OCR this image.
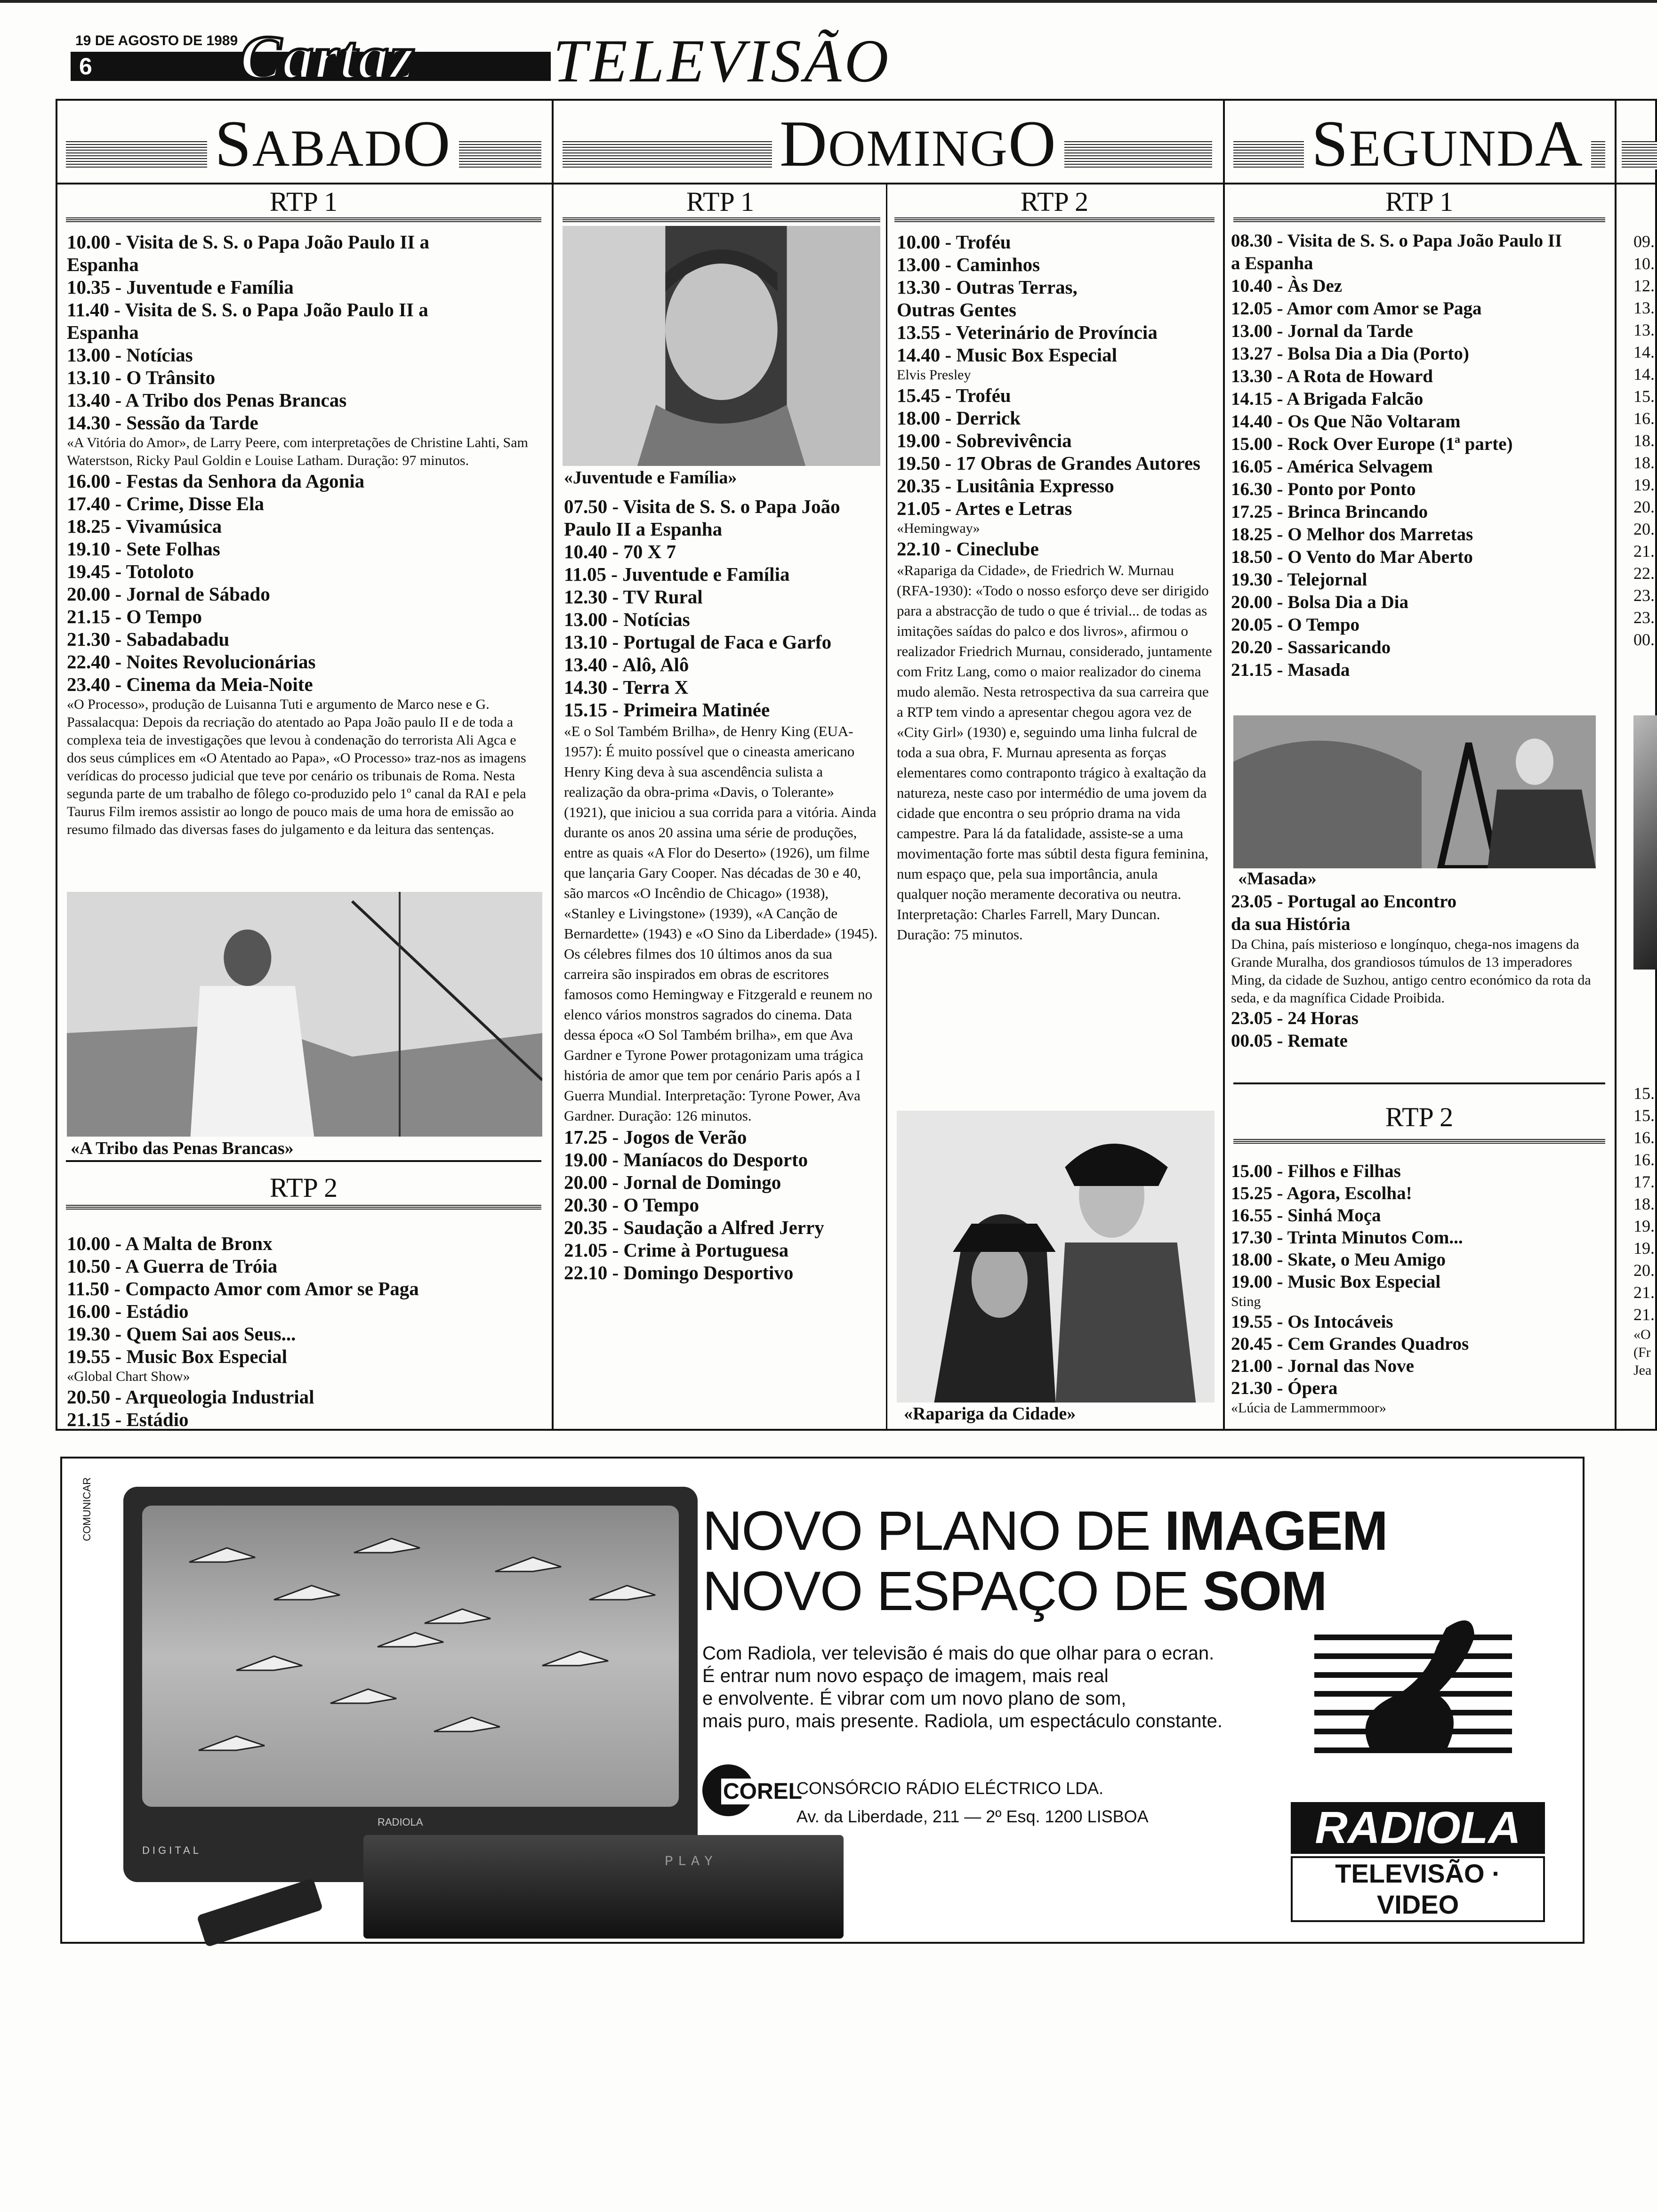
19 DE AGOSTO DE 1989
6	Cartaz TELEVISÃO
SABADO	DOMINGO	SEGUNDA
RTP 1
10.00 - Visita de S. S. o Papa João Paulo II a
Espanha
10.35 - Juventude e Família
11.40 - Visita de S. S. o Papa João Paulo II a
Espanha
13.00 - Notícias
13.10 - O Trânsito
13.40 - A Tribo dos Penas Brancas
14.30 - Sessão da Tarde
«A Vitória do Amor», de Larry Peere, com interpretações de Christine Lahti, Sam Waterstson, Ricky Paul Goldin e Louise Latham. Duração: 97 minutos.
16.00 - Festas da Senhora da Agonia
17.40 - Crime, Disse Ela
18.25 - Vivamúsica
19.10 - Sete Folhas
19.45 - Totoloto
20.00 - Jornal de Sábado
21.15 - O Tempo
21.30 - Sabadabadu
22.40 - Noites Revolucionárias
23.40 - Cinema da Meia-Noite
«O Processo», produção de Luisanna Tuti e argumento de Marco nese e G. Passalacqua: Depois da recriação do atentado ao Papa João paulo II e de toda a complexa teia de investigações que levou à condenação do terrorista Ali Agca e dos seus cúmplices em «O Atentado ao Papa», «O Processo» traz-nos as imagens verídicas do processo judicial que teve por cenário os tribunais de Roma. Nesta segunda parte de um trabalho de fôlego co-produzido pelo 1º canal da RAI e pela Taurus Film iremos assistir ao longo de pouco mais de uma hora de emissão ao resumo filmado das diversas fases do julgamento e da leitura das sentenças.
«A Tribo das Penas Brancas»
RTP 2
10.00 - A Malta de Bronx
10.50 - A Guerra de Tróia
11.50 - Compacto Amor com Amor se Paga
16.00 - Estádio
19.30 - Quem Sai aos Seus...
19.55 - Music Box Especial
«Global Chart Show»
20.50 - Arqueologia Industrial
21.15 - Estádio
RTP 1
«Juventude e Família»
07.50 - Visita de S. S. o Papa João
Paulo II a Espanha
10.40 - 70 X 7
11.05 - Juventude e Família
12.30 - TV Rural
13.00 - Notícias
13.10 - Portugal de Faca e Garfo
13.40 - Alô, Alô
14.30 - Terra X
15.15 - Primeira Matinée
«E o Sol Também Brilha», de Henry King (EUA-1957): É muito possível que o cineasta americano Henry King deva à sua ascendência sulista a realização da obra-prima «Davis, o Tolerante» (1921), que iniciou a sua corrida para a vitória. Ainda durante os anos 20 assina uma série de produções, entre as quais «A Flor do Deserto» (1926), um filme que lançaria Gary Cooper. Nas décadas de 30 e 40, são marcos «O Incêndio de Chicago» (1938), «Stanley e Livingstone» (1939), «A Canção de Bernardette» (1943) e «O Sino da Liberdade» (1945). Os célebres filmes dos 10 últimos anos da sua carreira são inspirados em obras de escritores famosos como Hemingway e Fitzgerald e reunem no elenco vários monstros sagrados do cinema. Data dessa época «O Sol Também brilha», em que Ava Gardner e Tyrone Power protagonizam uma trágica história de amor que tem por cenário Paris após a I Guerra Mundial. Interpretação: Tyrone Power, Ava Gardner. Duração: 126 minutos.
17.25 - Jogos de Verão
19.00 - Maníacos do Desporto
20.00 - Jornal de Domingo
20.30 - O Tempo
20.35 - Saudação a Alfred Jerry
21.05 - Crime à Portuguesa
22.10 - Domingo Desportivo
RTP 2
10.00 - Troféu
13.00 - Caminhos
13.30 - Outras Terras,
Outras Gentes
13.55 - Veterinário de Província
14.40 - Music Box Especial
Elvis Presley
15.45 - Troféu
18.00 - Derrick
19.00 - Sobrevivência
19.50 - 17 Obras de Grandes Autores
20.35 - Lusitânia Expresso
21.05 - Artes e Letras
«Hemingway»
22.10 - Cineclube
«Rapariga da Cidade», de Friedrich W. Murnau (RFA-1930): «Todo o nosso esforço deve ser dirigido para a abstracção de tudo o que é trivial... de todas as imitações saídas do palco e dos livros», afirmou o realizador Friedrich Murnau, considerado, juntamente com Fritz Lang, como o maior realizador do cinema mudo alemão. Nesta retrospectiva da sua carreira que a RTP tem vindo a apresentar chegou agora vez de «City Girl» (1930) e, seguindo uma linha fulcral de toda a sua obra, F. Murnau apresenta as forças elementares como contraponto trágico à exaltação da natureza, neste caso por intermédio de uma jovem da cidade que encontra o seu próprio drama na vida campestre. Para lá da fatalidade, assiste-se a uma movimentação forte mas súbtil desta figura feminina, num espaço que, pela sua importância, anula qualquer noção meramente decorativa ou neutra. Interpretação: Charles Farrell, Mary Duncan. Duração: 75 minutos.
«Rapariga da Cidade»
RTP 1
08.30 - Visita de S. S. o Papa João Paulo II
a Espanha
10.40 - Às Dez
12.05 - Amor com Amor se Paga
13.00 - Jornal da Tarde
13.27 - Bolsa Dia a Dia (Porto)
13.30 - A Rota de Howard
14.15 - A Brigada Falcão
14.40 - Os Que Não Voltaram
15.00 - Rock Over Europe (1ª parte)
16.05 - América Selvagem
16.30 - Ponto por Ponto
17.25 - Brinca Brincando
18.25 - O Melhor dos Marretas
18.50 - O Vento do Mar Aberto
19.30 - Telejornal
20.00 - Bolsa Dia a Dia
20.05 - O Tempo
20.20 - Sassaricando
21.15 - Masada
«Masada»
23.05 - Portugal ao Encontro
da sua História
Da China, país misterioso e longínquo, chega-nos imagens da Grande Muralha, dos grandiosos túmulos de 13 imperadores Ming, da cidade de Suzhou, antigo centro económico da rota da seda, e da magnífica Cidade Proibida.
23.05 - 24 Horas
00.05 - Remate
RTP 2
15.00 - Filhos e Filhas
15.25 - Agora, Escolha!
16.55 - Sinhá Moça
17.30 - Trinta Minutos Com...
18.00 - Skate, o Meu Amigo
19.00 - Music Box Especial
Sting
19.55 - Os Intocáveis
20.45 - Cem Grandes Quadros
21.00 - Jornal das Nove
21.30 - Ópera
«Lúcia de Lammermmoor»
09.
10.
12.
13.
13.
14.
14.
15.
16.
18.
18.
19.
20.
20.
21.
22.
23.
23.
00.
15.
15.
16.
16.
17.
18.
19.
19.
20.
21.
21.
«O
(Fr
Jea
COMUNICAR
RADIOLA
DIGITAL
PLAY
NOVO PLANO DE IMAGEM
NOVO ESPAÇO DE SOM
Com Radiola, ver televisão é mais do que olhar para o ecran.
É entrar num novo espaço de imagem, mais real
e envolvente. É vibrar com um novo plano de som,
mais puro, mais presente. Radiola, um espectáculo constante.
COREL
CONSÓRCIO RÁDIO ELÉCTRICO LDA.
Av. da Liberdade, 211 — 2º Esq. 1200 LISBOA	RADIOLA
TELEVISÃO · VIDEO
